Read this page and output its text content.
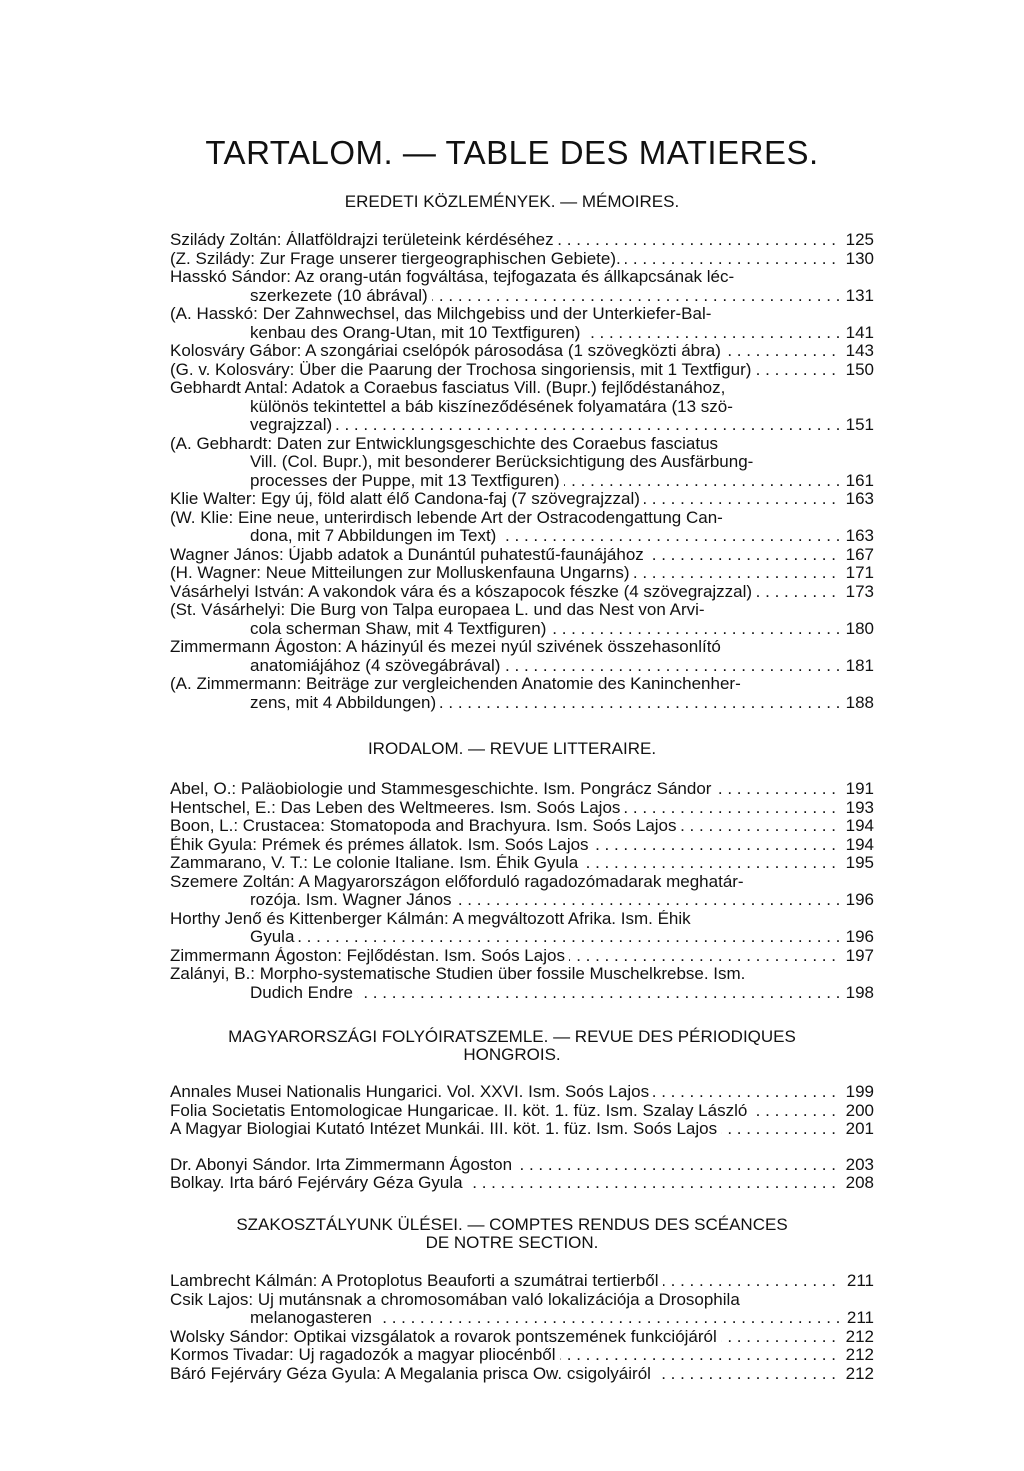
TARTALOM. — TABLE DES MATIERES.
EREDETI KÖZLEMÉNYEK. — MÉMOIRES.
. . .
Szilády Zoltán: Állatföldrajzi területeink kérdéséhez	125
. . .
(Z. Szilády: Zur Frage unserer tiergeographischen Gebiete).	130
Hasskó Sándor: Az orang-után fogváltása, tejfogazata és állkapcsának léc-
. . .
szerkezete (10 ábrával)	131
(A. Hasskó: Der Zahnwechsel, das Milchgebiss und der Unterkiefer-Bal-
. . .
kenbau des Orang-Utan, mit 10 Textfiguren)	141
. . .
Kolosváry Gábor: A szongáriai cselópók párosodása (1 szövegközti ábra)	143
. . .
(G. v. Kolosváry: Über die Paarung der Trochosa singoriensis, mit 1 Textfigur)	150
Gebhardt Antal: Adatok a Coraebus fasciatus Vill. (Bupr.) fejlődéstanához,
különös tekintettel a báb kiszíneződésének folyamatára (13 szö-
. . .
vegrajzzal)	151
(A. Gebhardt: Daten zur Entwicklungsgeschichte des Coraebus fasciatus
Vill. (Col. Bupr.), mit besonderer Berücksichtigung des Ausfärbung-
. . .
processes der Puppe, mit 13 Textfiguren)	161
. . .
Klie Walter: Egy új, föld alatt élő Candona-faj (7 szövegrajzzal)	163
(W. Klie: Eine neue, unterirdisch lebende Art der Ostracodengattung Can-
. . .
dona, mit 7 Abbildungen im Text)	163
. . .
Wagner János: Újabb adatok a Dunántúl puhatestű-faunájához	167
. . .
(H. Wagner: Neue Mitteilungen zur Molluskenfauna Ungarns)	171
. . .
Vásárhelyi István: A vakondok vára és a kószapocok fészke (4 szövegrajzzal)	173
(St. Vásárhelyi: Die Burg von Talpa europaea L. und das Nest von Arvi-
. . .
cola scherman Shaw, mit 4 Textfiguren)	180
Zimmermann Ágoston: A házinyúl és mezei nyúl szivének összehasonlító
. . .
anatomiájához (4 szövegábrával)	181
(A. Zimmermann: Beiträge zur vergleichenden Anatomie des Kaninchenher-
. . .
zens, mit 4 Abbildungen)	188
IRODALOM. — REVUE LITTERAIRE.
. . .
Abel, O.: Paläobiologie und Stammesgeschichte. Ism. Pongrácz Sándor	191
. . .
Hentschel, E.: Das Leben des Weltmeeres. Ism. Soós Lajos	193
. . .
Boon, L.: Crustacea: Stomatopoda and Brachyura. Ism. Soós Lajos	194
. . .
Éhik Gyula: Prémek és prémes állatok. Ism. Soós Lajos	194
. . .
Zammarano, V. T.: Le colonie Italiane. Ism. Éhik Gyula	195
Szemere Zoltán: A Magyarországon előforduló ragadozómadarak meghatár-
. . .
rozója. Ism. Wagner János	196
Horthy Jenő és Kittenberger Kálmán: A megváltozott Afrika. Ism. Éhik
. . .
Gyula	196
. . .
Zimmermann Ágoston: Fejlődéstan. Ism. Soós Lajos	197
Zalányi, B.: Morpho-systematische Studien über fossile Muschelkrebse. Ism.
. . .
Dudich Endre	198
MAGYARORSZÁGI FOLYÓIRATSZEMLE. — REVUE DES PÉRIODIQUES
HONGROIS.
. . .
Annales Musei Nationalis Hungarici. Vol. XXVI. Ism. Soós Lajos	199
. . .
Folia Societatis Entomologicae Hungaricae. II. köt. 1. füz. Ism. Szalay László	200
. . .
A Magyar Biologiai Kutató Intézet Munkái. III. köt. 1. füz. Ism. Soós Lajos	201
. . .
Dr. Abonyi Sándor. Irta Zimmermann Ágoston	203
. . .
Bolkay. Irta báró Fejérváry Géza Gyula	208
SZAKOSZTÁLYUNK ÜLÉSEI. — COMPTES RENDUS DES SCÉANCES
DE NOTRE SECTION.
. . .
Lambrecht Kálmán: A Protoplotus Beauforti a szumátrai tertierből	211
Csik Lajos: Uj mutánsnak a chromosomában való lokalizációja a Drosophila
. . .
melanogasteren	211
. . .
Wolsky Sándor: Optikai vizsgálatok a rovarok pontszemének funkciójáról	212
. . .
Kormos Tivadar: Uj ragadozók a magyar pliocénből	212
. . .
Báró Fejérváry Géza Gyula: A Megalania prisca Ow. csigolyáiról	212
